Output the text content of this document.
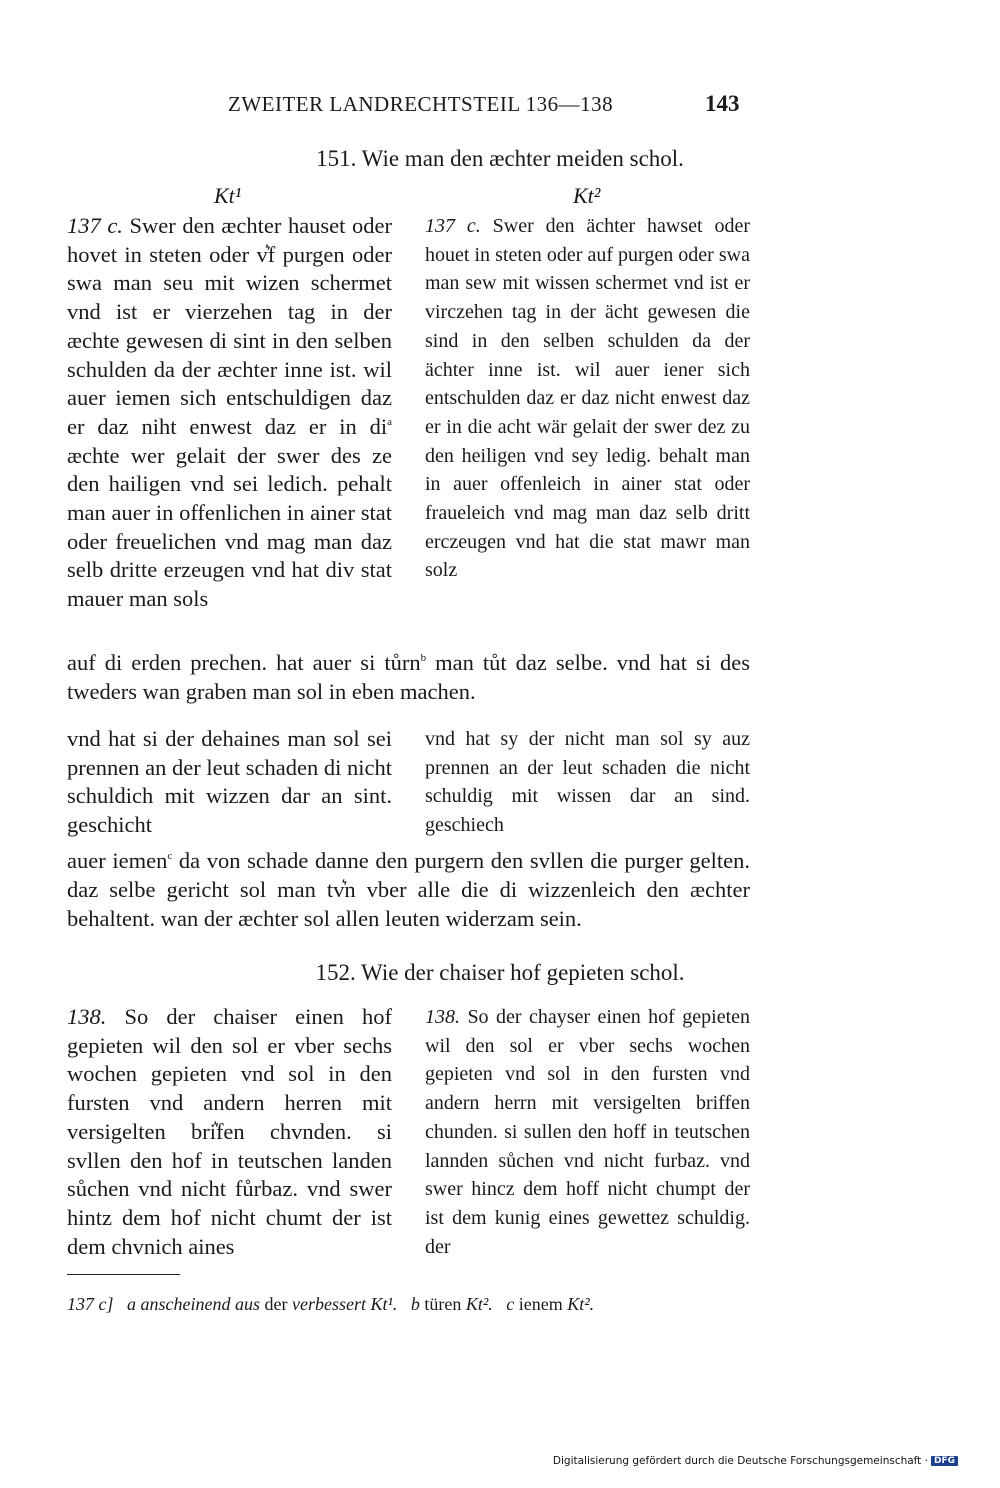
ZWEITER LANDRECHTSTEIL 136—138	143
151. Wie man den æchter meiden schol.
Kt¹	Kt²
137 c. Swer den æchter hauset oder hovet in steten oder v͛f purgen oder swa man seu mit wizen schermet vnd ist er vierzehen tag in der æchte gewesen di sint in den selben schulden da der æchter inne ist. wil auer iemen sich entschuldigen daz er daz niht enwest daz er in di$^a$ æchte wer gelait der swer des ze den hailigen vnd sei ledich. pehalt man auer in offenlichen in ainer stat oder freuelichen vnd mag man daz selb dritte erzeugen vnd hat div stat mauer man sols
137 c. Swer den ächter hawset oder houet in steten oder auf purgen oder swa man sew mit wissen schermet vnd ist er virczehen tag in der ächt gewesen die sind in den selben schulden da der ächter inne ist. wil auer iener sich entschulden daz er daz nicht enwest daz er in die acht wär gelait der swer dez zu den heiligen vnd sey ledig. behalt man in auer offenleich in ainer stat oder fraueleich vnd mag man daz selb dritt erczeugen vnd hat die stat mawr man solz
auf di erden prechen. hat auer si tůrn$^b$ man tůt daz selbe. vnd hat si des tweders wan graben man sol in eben machen.
vnd hat si der dehaines man sol sei prennen an der leut schaden di nicht schuldich mit wizzen dar an sint. geschicht
vnd hat sy der nicht man sol sy auz prennen an der leut schaden die nicht schuldig mit wissen dar an sind. geschiech
auer iemen$^c$ da von schade danne den purgern den svllen die purger gelten. daz selbe gericht sol man tv͛n vber alle die di wizzenleich den æchter behaltent. wan der æchter sol allen leuten widerzam sein.
152. Wie der chaiser hof gepieten schol.
138. So der chaiser einen hof gepieten wil den sol er vber sechs wochen gepieten vnd sol in den fursten vnd andern herren mit versigelten bri͛fen chvnden. si svllen den hof in teutschen landen sůchen vnd nicht fůrbaz. vnd swer hintz dem hof nicht chumt der ist dem chvnich aines
138. So der chayser einen hof gepieten wil den sol er vber sechs wochen gepieten vnd sol in den fursten vnd andern herrn mit versigelten briffen chunden. si sullen den hoff in teutschen lannden sůchen vnd nicht furbaz. vnd swer hincz dem hoff nicht chumpt der ist dem kunig eines gewettez schuldig. der
137 c] a anscheinend aus der verbessert Kt¹. b türen Kt². c ienem Kt².
Digitalisierung gefördert durch die Deutsche Forschungsgemeinschaft · DFG
